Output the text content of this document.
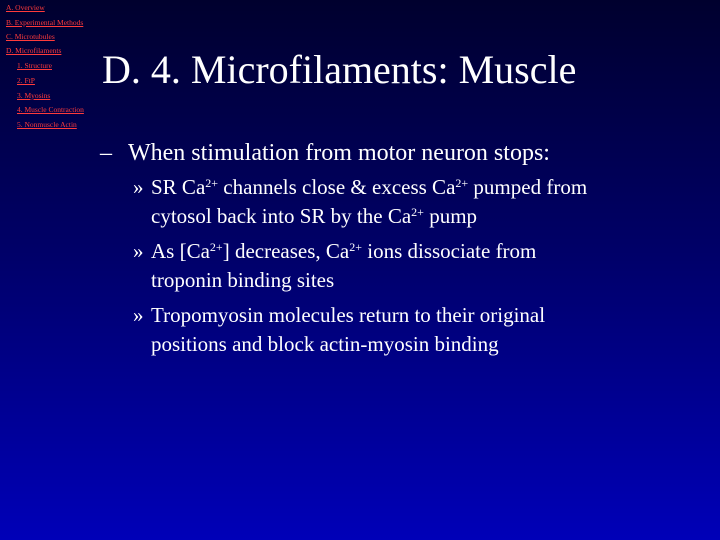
A. Overview
B. Experimental Methods
C. Microtubules
D. Microfilaments
1. Structure
2. FtP
3. Myosins
4. Muscle Contraction
5. Nonmuscle Actin
D. 4. Microfilaments: Muscle
– When stimulation from motor neuron stops:
» SR $Ca^{2+}$ channels close & excess $Ca^{2+}$ pumped from
cytosol back into SR by the $Ca^{2+}$ pump
» As $[Ca^{2+}]$ decreases, $Ca^{2+}$ ions dissociate from
troponin binding sites
» Tropomyosin molecules return to their original
positions and block actin-myosin binding
